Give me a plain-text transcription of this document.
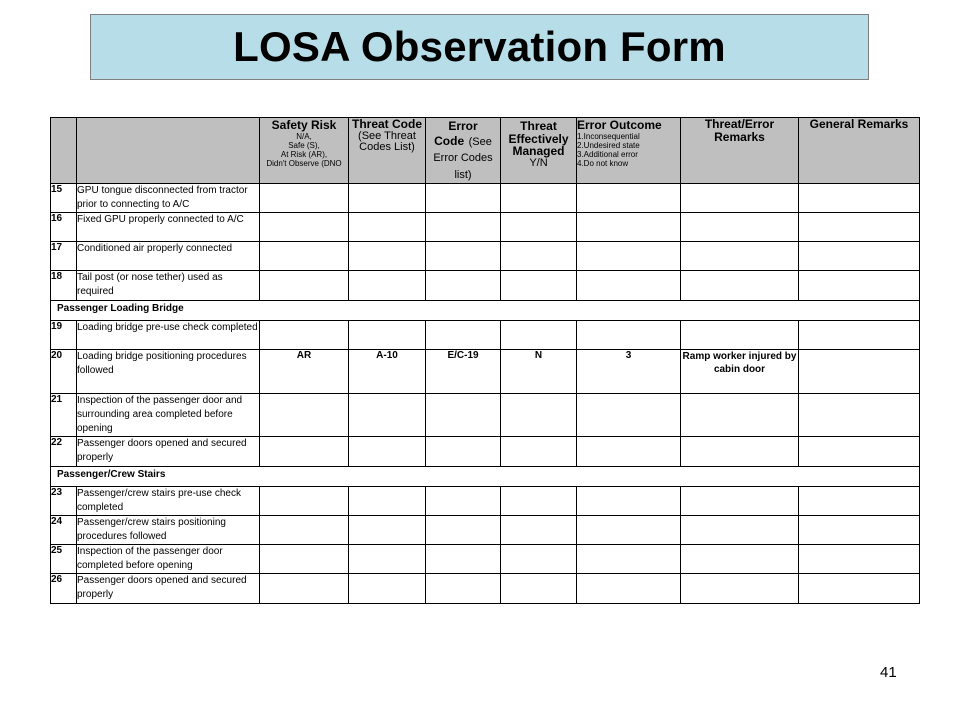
LOSA Observation Form

		Safety Risk
N/A,
Safe (S),
At Risk (AR),
Didn't Observe (DNO	Threat Code
(See Threat Codes List)	Error
Code (See Error Codes list)	Threat Effectively Managed
Y/N	Error Outcome
1.Inconsequential
2.Undesired state
3.Additional error
4.Do not know	Threat/Error Remarks	General Remarks

15	GPU tongue disconnected from tractor prior to connecting to A/C							
16	Fixed GPU properly connected to A/C							
17	Conditioned air properly connected							
18	Tail post (or nose tether) used as required							
Passenger Loading Bridge								
19	Loading bridge pre-use check completed							
20	Loading bridge positioning procedures followed	AR	A-10	E/C-19	N	3	Ramp worker injured by cabin door	
21	Inspection of the passenger door and surrounding area completed before opening							
22	Passenger doors opened and secured properly							
Passenger/Crew Stairs								
23	Passenger/crew stairs pre-use check completed							
24	Passenger/crew stairs positioning procedures followed							
25	Inspection of the passenger door completed before opening							
26	Passenger doors opened and secured properly							
41
